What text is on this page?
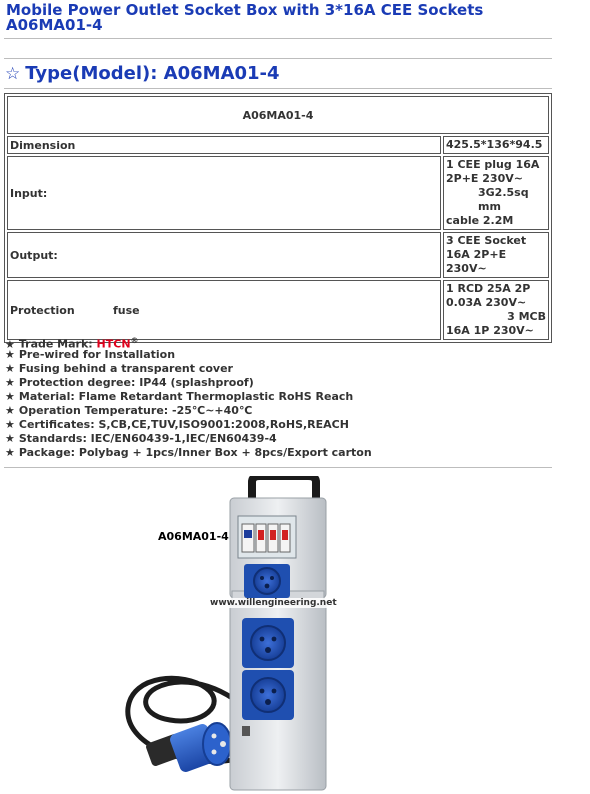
Mobile Power Outlet Socket Box with 3*16A CEE Sockets A06MA01-4
☆ Type(Model): A06MA01-4
A06MA01-4	
Dimension	425.5*136*94.5
Input:	1 CEE plug 16A 2P+E 230V~
3G2.5sq mm
cable 2.2M

Output:	3 CEE Socket 16A 2P+E 230V~
Protection fuse	1 RCD 25A 2P 0.03A 230V~
3 MCB
16A 1P 230V~
★ Trade Mark: HTCN®
★ Pre-wired for Installation
★ Fusing behind a transparent cover
★ Protection degree: IP44 (splashproof)
★ Material: Flame Retardant Thermoplastic RoHS Reach
★ Operation Temperature: -25℃~+40℃
★ Certificates: S,CB,CE,TUV,ISO9001:2008,RoHS,REACH
★ Standards: IEC/EN60439-1,IEC/EN60439-4
★ Package: Polybag + 1pcs/Inner Box + 8pcs/Export carton
A06MA01-4
www.willengineering.net
